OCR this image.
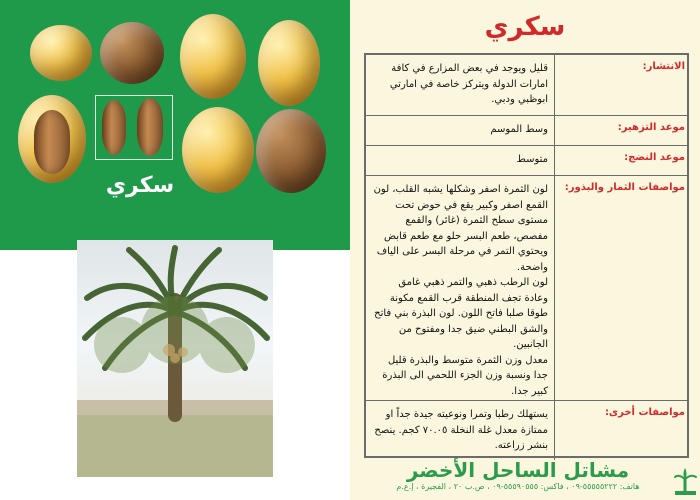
سكري
سكري
قليل ويوجد في بعض المزارع في كافة امارات الدولة ويتركز خاصة في امارتي ابوظبي ودبي.
الانتشار:
وسط الموسم	موعد التزهير:
متوسط	موعد النضج:
لون الثمرة اصفر وشكلها يشبه القلب، لون القمع اصفر وكبير يقع في حوض تحت مستوى سطح الثمرة (غائر) والقمع مفصص، طعم البسر حلو مع طعم قابض ويحتوي التمر في مرحلة البسر على الياف واضحة.
لون الرطب ذهبي والتمر ذهبي غامق وعادة تجف المنطقة قرب القمع مكونة طوقا صلبا فاتح اللون. لون البذرة بني فاتح والشق البطني ضيق جدا ومفتوح من الجانبين.
معدل وزن الثمرة متوسط والبذرة قليل جدا ونسبة وزن الجزء اللحمي الى البذرة كبير جدا.
مواصفات الثمار والبذور:
يستهلك رطبا وتمرا ونوعيته جيدة جداً او ممتازة معدل غلة النخلة ٧٠.٠٥ كجم. ينصح بنشر زراعته.
مواصفات أخرى:
مشاتل الساحل الأخضر
هاتف: ٥٥٥٥٥٢٢٢-٠٩ ، فاكس: ٥٥٥٩٠٥٥٥-٠٩ ، ص.ب ٢٠ ، الفجيرة ، إ.ع.م
